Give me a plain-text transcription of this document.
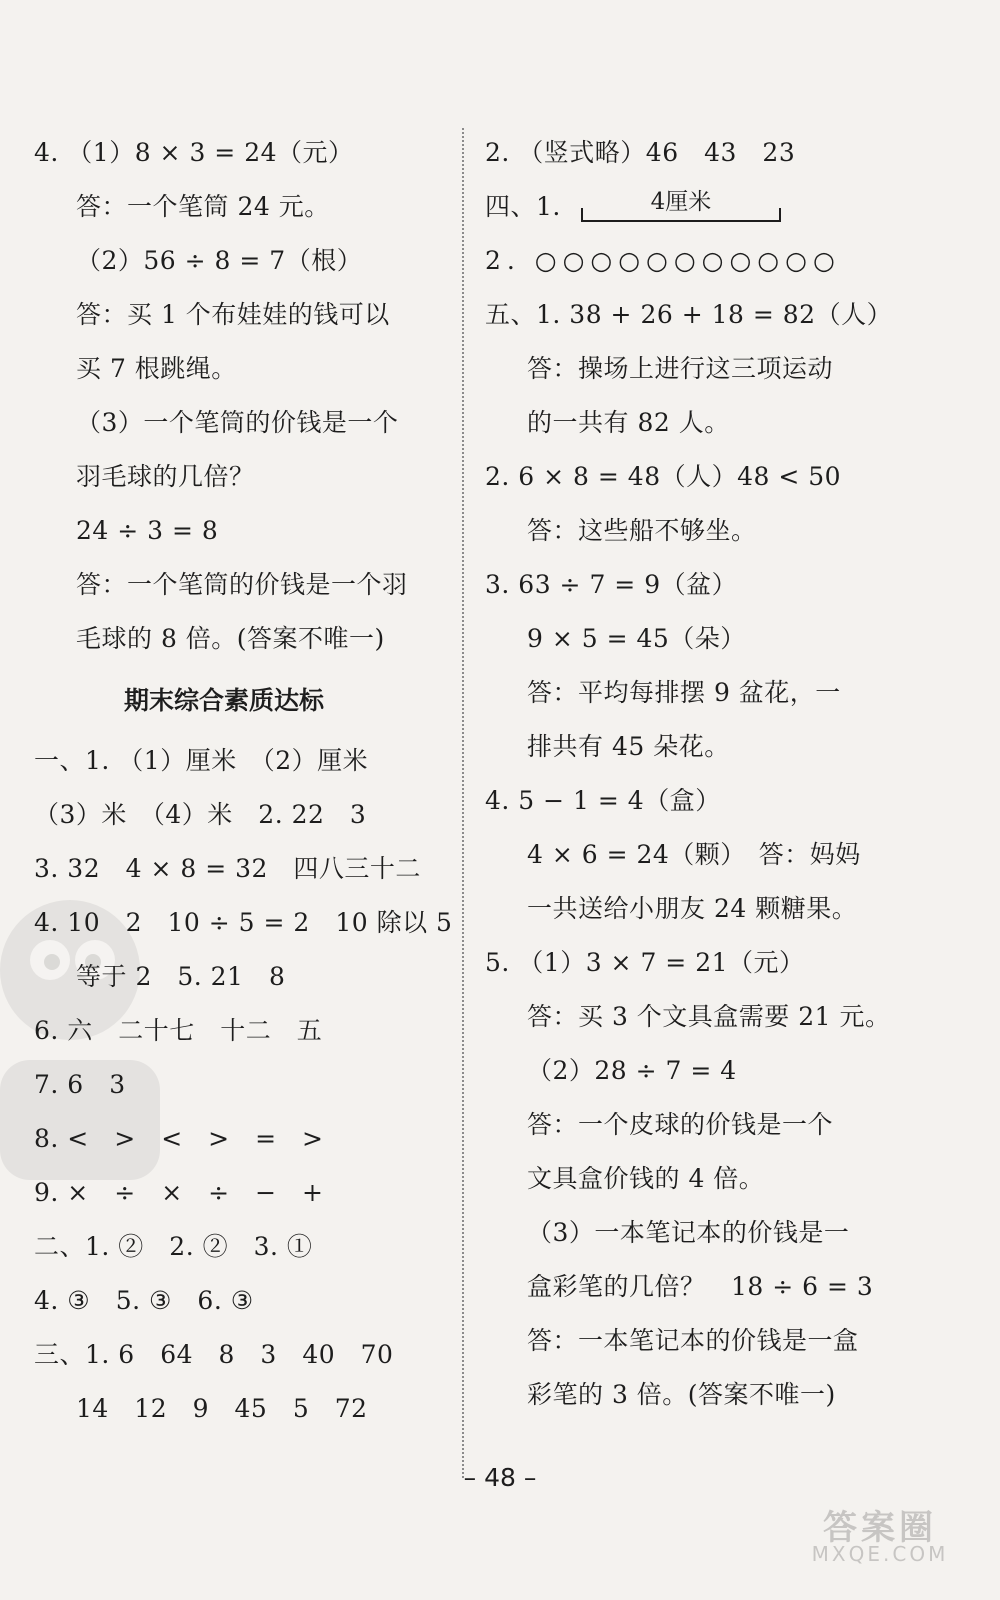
4. （1）8 × 3 = 24（元）
答：一个笔筒 24 元。
（2）56 ÷ 8 = 7（根）
答：买 1 个布娃娃的钱可以
买 7 根跳绳。
（3）一个笔筒的价钱是一个
羽毛球的几倍？
24 ÷ 3 = 8
答：一个笔筒的价钱是一个羽
毛球的 8 倍。(答案不唯一)
期末综合素质达标
一、1. （1）厘米　（2）厘米
（3）米　（4）米　2. 22　3
3. 32　4 × 8 = 32　四八三十二
4. 10　2　10 ÷ 5 = 2　10 除以 5
等于 2　5. 21　8
6. 六　二十七　十二　五
7. 6　3
8. <　>　<　>　=　>
9. ×　÷　×　÷　−　+
二、1. ②　2. ②　3. ①
4. ③　5. ③　6. ③
三、1. 6　64　8　3　40　70
14　12　9　45　5　72
2. （竖式略）46　43　23
四、1.	4厘米
2. ○○○○○○○○○○○
五、1. 38 + 26 + 18 = 82（人）
答：操场上进行这三项运动
的一共有 82 人。
2. 6 × 8 = 48（人）48 < 50
答：这些船不够坐。
3. 63 ÷ 7 = 9（盆）
9 × 5 = 45（朵）
答：平均每排摆 9 盆花，一
排共有 45 朵花。
4. 5 − 1 = 4（盒）
4 × 6 = 24（颗）　答：妈妈
一共送给小朋友 24 颗糖果。
5. （1）3 × 7 = 21（元）
答：买 3 个文具盒需要 21 元。
（2）28 ÷ 7 = 4
答：一个皮球的价钱是一个
文具盒价钱的 4 倍。
（3）一本笔记本的价钱是一
盒彩笔的几倍？　18 ÷ 6 = 3
答：一本笔记本的价钱是一盒
彩笔的 3 倍。(答案不唯一)
– 48 –
答案圈
MXQE.COM
